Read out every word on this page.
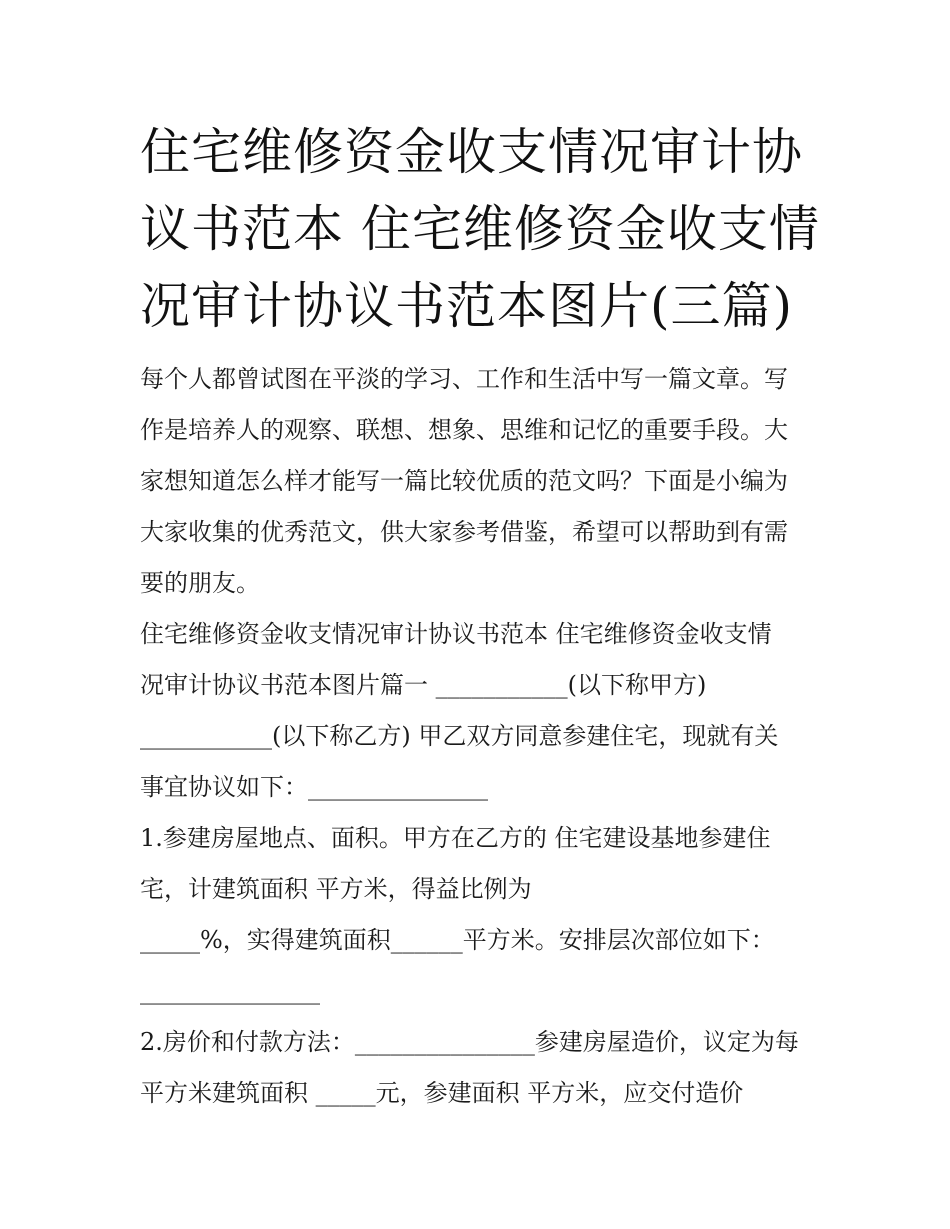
住宅维修资金收支情况审计协
议书范本 住宅维修资金收支情
况审计协议书范本图片(三篇)
每个人都曾试图在平淡的学习、工作和生活中写一篇文章。写
作是培养人的观察、联想、想象、思维和记忆的重要手段。大
家想知道怎么样才能写一篇比较优质的范文吗？下面是小编为
大家收集的优秀范文，供大家参考借鉴，希望可以帮助到有需
要的朋友。
住宅维修资金收支情况审计协议书范本 住宅维修资金收支情
况审计协议书范本图片篇一 ___________(以下称甲方)
___________(以下称乙方) 甲乙双方同意参建住宅，现就有关
事宜协议如下：_______________
1.参建房屋地点、面积。甲方在乙方的 住宅建设基地参建住
宅，计建筑面积 平方米，得益比例为
_____%，实得建筑面积______平方米。安排层次部位如下：
_______________
2.房价和付款方法：_______________参建房屋造价，议定为每
平方米建筑面积 _____元，参建面积 平方米，应交付造价
